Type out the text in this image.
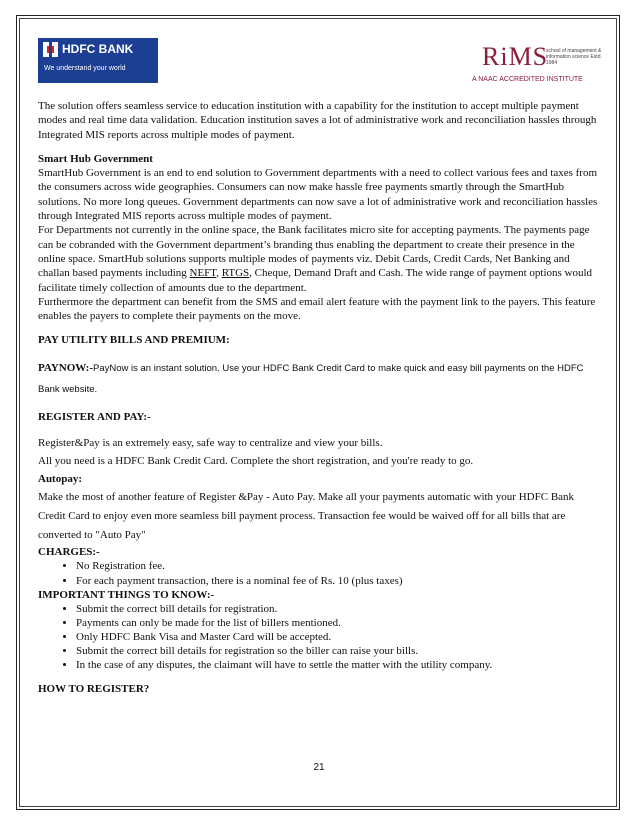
HDFC BANK
We understand your world	RiMS
school of management & information science Estd. 1984
A NAAC ACCREDITED INSTITUTE

The solution offers seamless service to education institution with a capability for the institution to accept multiple payment modes and real time data validation. Education institution saves a lot of administrative work and reconciliation hassles through Integrated MIS reports across multiple modes of payment.

Smart Hub Government

SmartHub Government is an end to end solution to Government departments with a need to collect various fees and taxes from the consumers across wide geographies. Consumers can now make hassle free payments smartly through the SmartHub solutions. No more long queues. Government departments can now save a lot of administrative work and reconciliation hassles through Integrated MIS reports across multiple modes of payment.

For Departments not currently in the online space, the Bank facilitates micro site for accepting payments. The payments page can be cobranded with the Government department’s branding thus enabling the department to create their presence in the online space. SmartHub solutions supports multiple modes of payments viz. Debit Cards, Credit Cards, Net Banking and challan based payments including NEFT, RTGS, Cheque, Demand Draft and Cash. The wide range of payment options would facilitate timely collection of amounts due to the department.

Furthermore the department can benefit from the SMS and email alert feature with the payment link to the payers. This feature enables the payers to complete their payments on the move.

PAY UTILITY BILLS AND PREMIUM:

PAYNOW:-PayNow is an instant solution. Use your HDFC Bank Credit Card to make quick and easy bill payments on the HDFC Bank website.

REGISTER AND PAY:-

Register&Pay is an extremely easy, safe way to centralize and view your bills.

All you need is a HDFC Bank Credit Card. Complete the short registration, and you're ready to go.

Autopay:

Make the most of another feature of Register &Pay - Auto Pay. Make all your payments automatic with your HDFC Bank Credit Card to enjoy even more seamless bill payment process. Transaction fee would be waived off for all bills that are converted to "Auto Pay"

CHARGES:-

• No Registration fee.
• For each payment transaction, there is a nominal fee of Rs. 10 (plus taxes)

IMPORTANT THINGS TO KNOW:-

• Submit the correct bill details for registration.
• Payments can only be made for the list of billers mentioned.
• Only HDFC Bank Visa and Master Card will be accepted.
• Submit the correct bill details for registration so the biller can raise your bills.
• In the case of any disputes, the claimant will have to settle the matter with the utility company.

HOW TO REGISTER?

21
